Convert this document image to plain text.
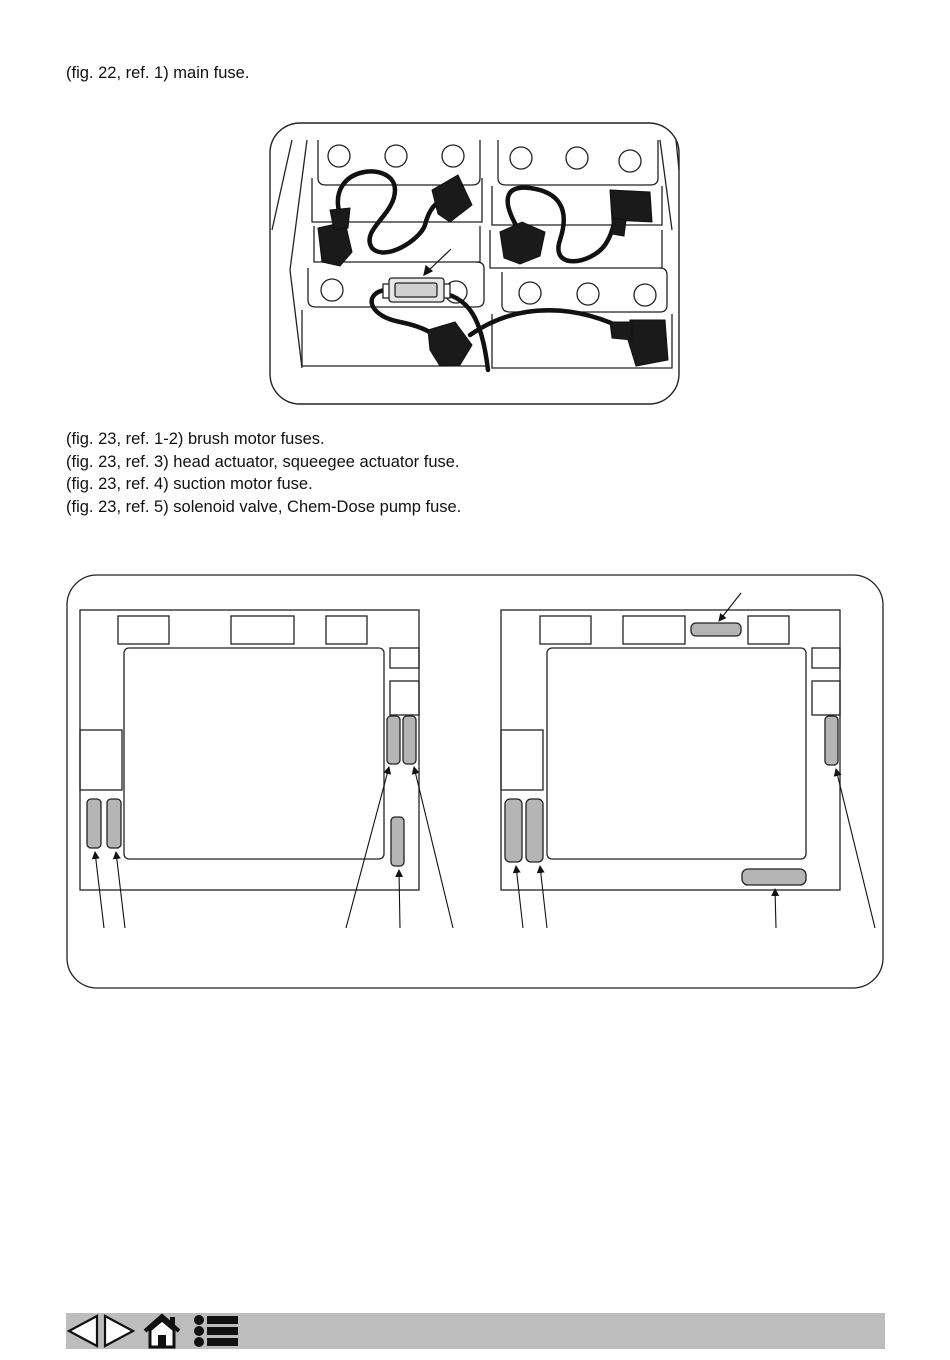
(fig. 22, ref. 1) main fuse.
(fig. 23, ref. 1-2) brush motor fuses.
(fig. 23, ref. 3) head actuator, squeegee actuator fuse.
(fig. 23, ref. 4) suction motor fuse.
(fig. 23, ref. 5) solenoid valve, Chem-Dose pump fuse.
